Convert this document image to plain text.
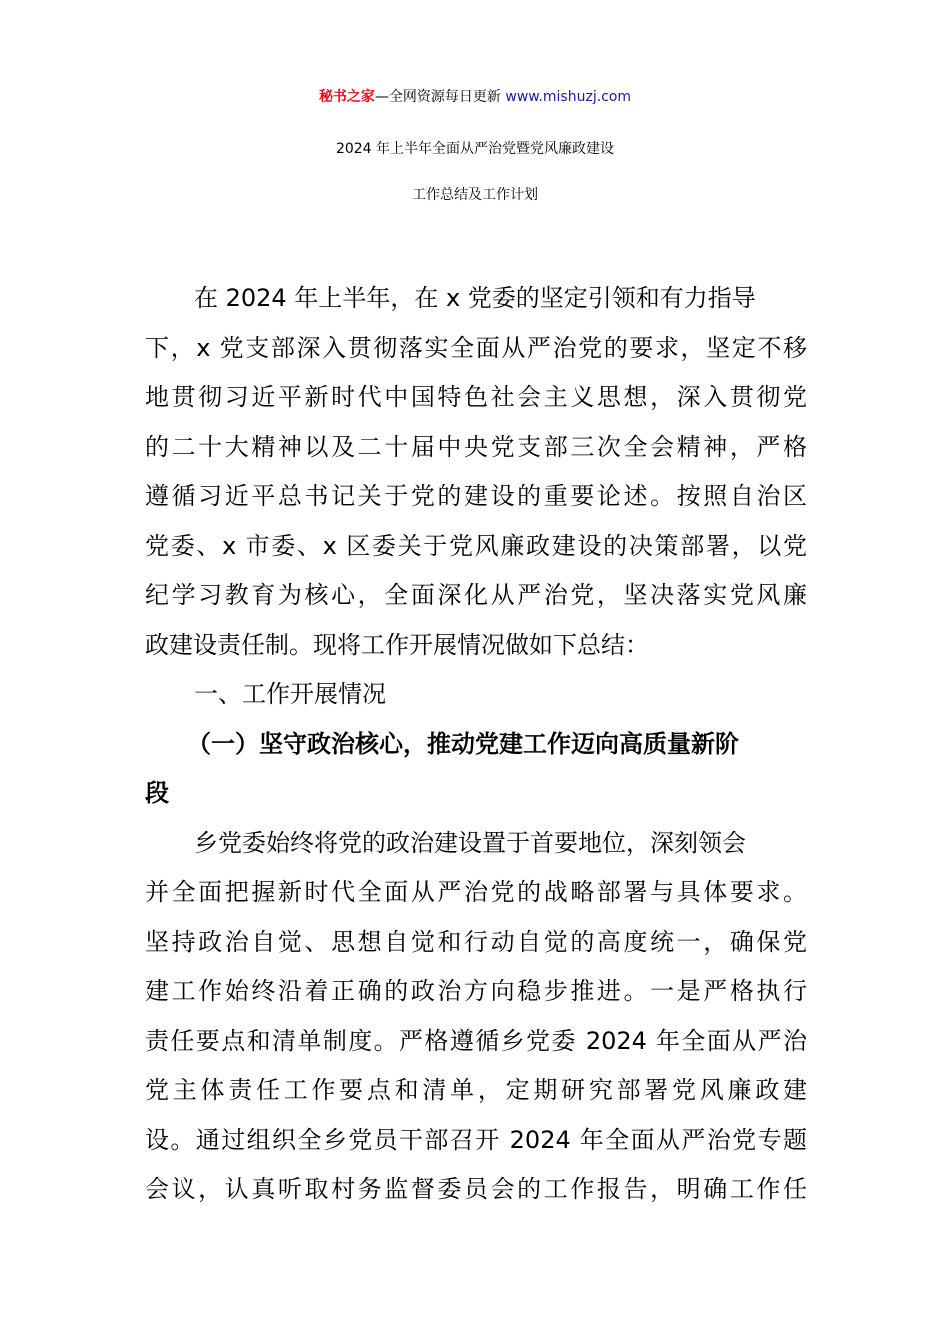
秘书之家—全网资源每日更新 www.mishuzj.com
2024 年上半年全面从严治党暨党风廉政建设
工作总结及工作计划
在 2024 年上半年，在 x 党委的坚定引领和有力指导
下，x 党支部深入贯彻落实全面从严治党的要求，坚定不移
地贯彻习近平新时代中国特色社会主义思想，深入贯彻党
的二十大精神以及二十届中央党支部三次全会精神，严格
遵循习近平总书记关于党的建设的重要论述。按照自治区
党委、x 市委、x 区委关于党风廉政建设的决策部署，以党
纪学习教育为核心，全面深化从严治党，坚决落实党风廉
政建设责任制。现将工作开展情况做如下总结：
一、工作开展情况
（一）坚守政治核心，推动党建工作迈向高质量新阶
段
乡党委始终将党的政治建设置于首要地位，深刻领会
并全面把握新时代全面从严治党的战略部署与具体要求。
坚持政治自觉、思想自觉和行动自觉的高度统一，确保党
建工作始终沿着正确的政治方向稳步推进。一是严格执行
责任要点和清单制度。严格遵循乡党委 2024 年全面从严治
党主体责任工作要点和清单，定期研究部署党风廉政建
设。通过组织全乡党员干部召开 2024 年全面从严治党专题
会议，认真听取村务监督委员会的工作报告，明确工作任
